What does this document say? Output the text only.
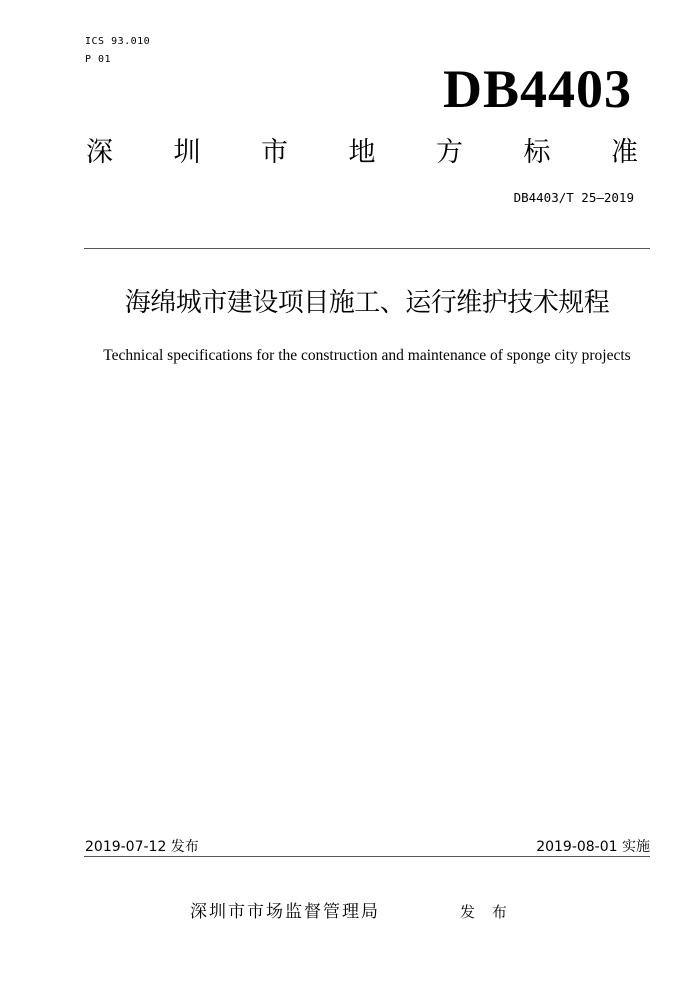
ICS 93.010
P 01	DB4403
深 圳 市 地 方 标 准
DB4403/T 25—2019
海绵城市建设项目施工、运行维护技术规程
Technical specifications for the construction and maintenance of sponge city projects
2019-07-12 发布	2019-08-01 实施
深圳市市场监督管理局	发 布
